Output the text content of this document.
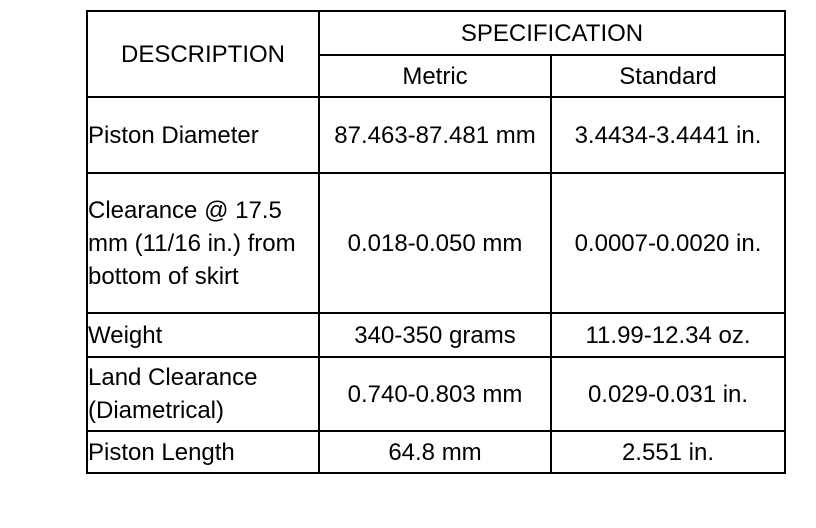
DESCRIPTION	SPECIFICATION	
	Metric	Standard
Piston Diameter	87.463-87.481 mm	3.4434-3.4441 in.
Clearance @ 17.5 mm (11/16 in.) from bottom of skirt	0.018-0.050 mm	0.0007-0.0020 in.
Weight	340-350 grams	11.99-12.34 oz.
Land Clearance (Diametrical)	0.740-0.803 mm	0.029-0.031 in.
Piston Length	64.8 mm	2.551 in.
